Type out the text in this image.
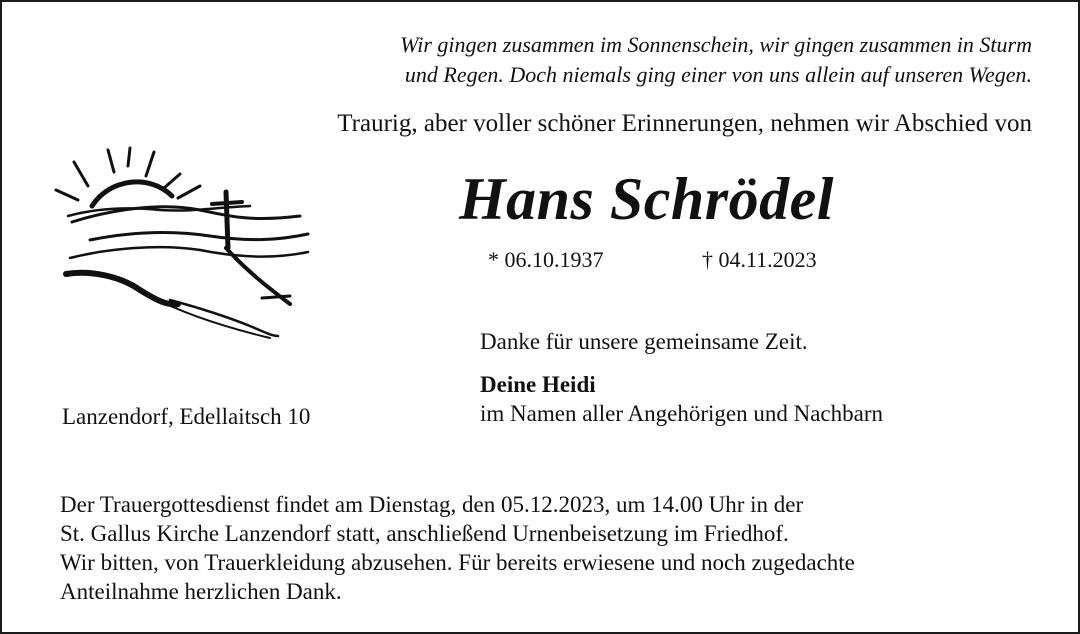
Wir gingen zusammen im Sonnenschein, wir gingen zusammen in Sturm
und Regen. Doch niemals ging einer von uns allein auf unseren Wegen.
Traurig, aber voller schöner Erinnerungen, nehmen wir Abschied von
Hans Schrödel
* 06.10.1937	† 04.11.2023
Danke für unsere gemeinsame Zeit.
Deine Heidi
im Namen aller Angehörigen und Nachbarn
Lanzendorf, Edellaitsch 10
Der Trauergottesdienst findet am Dienstag, den 05.12.2023, um 14.00 Uhr in der
St. Gallus Kirche Lanzendorf statt, anschließend Urnenbeisetzung im Friedhof.
Wir bitten, von Trauerkleidung abzusehen. Für bereits erwiesene und noch zugedachte
Anteilnahme herzlichen Dank.
